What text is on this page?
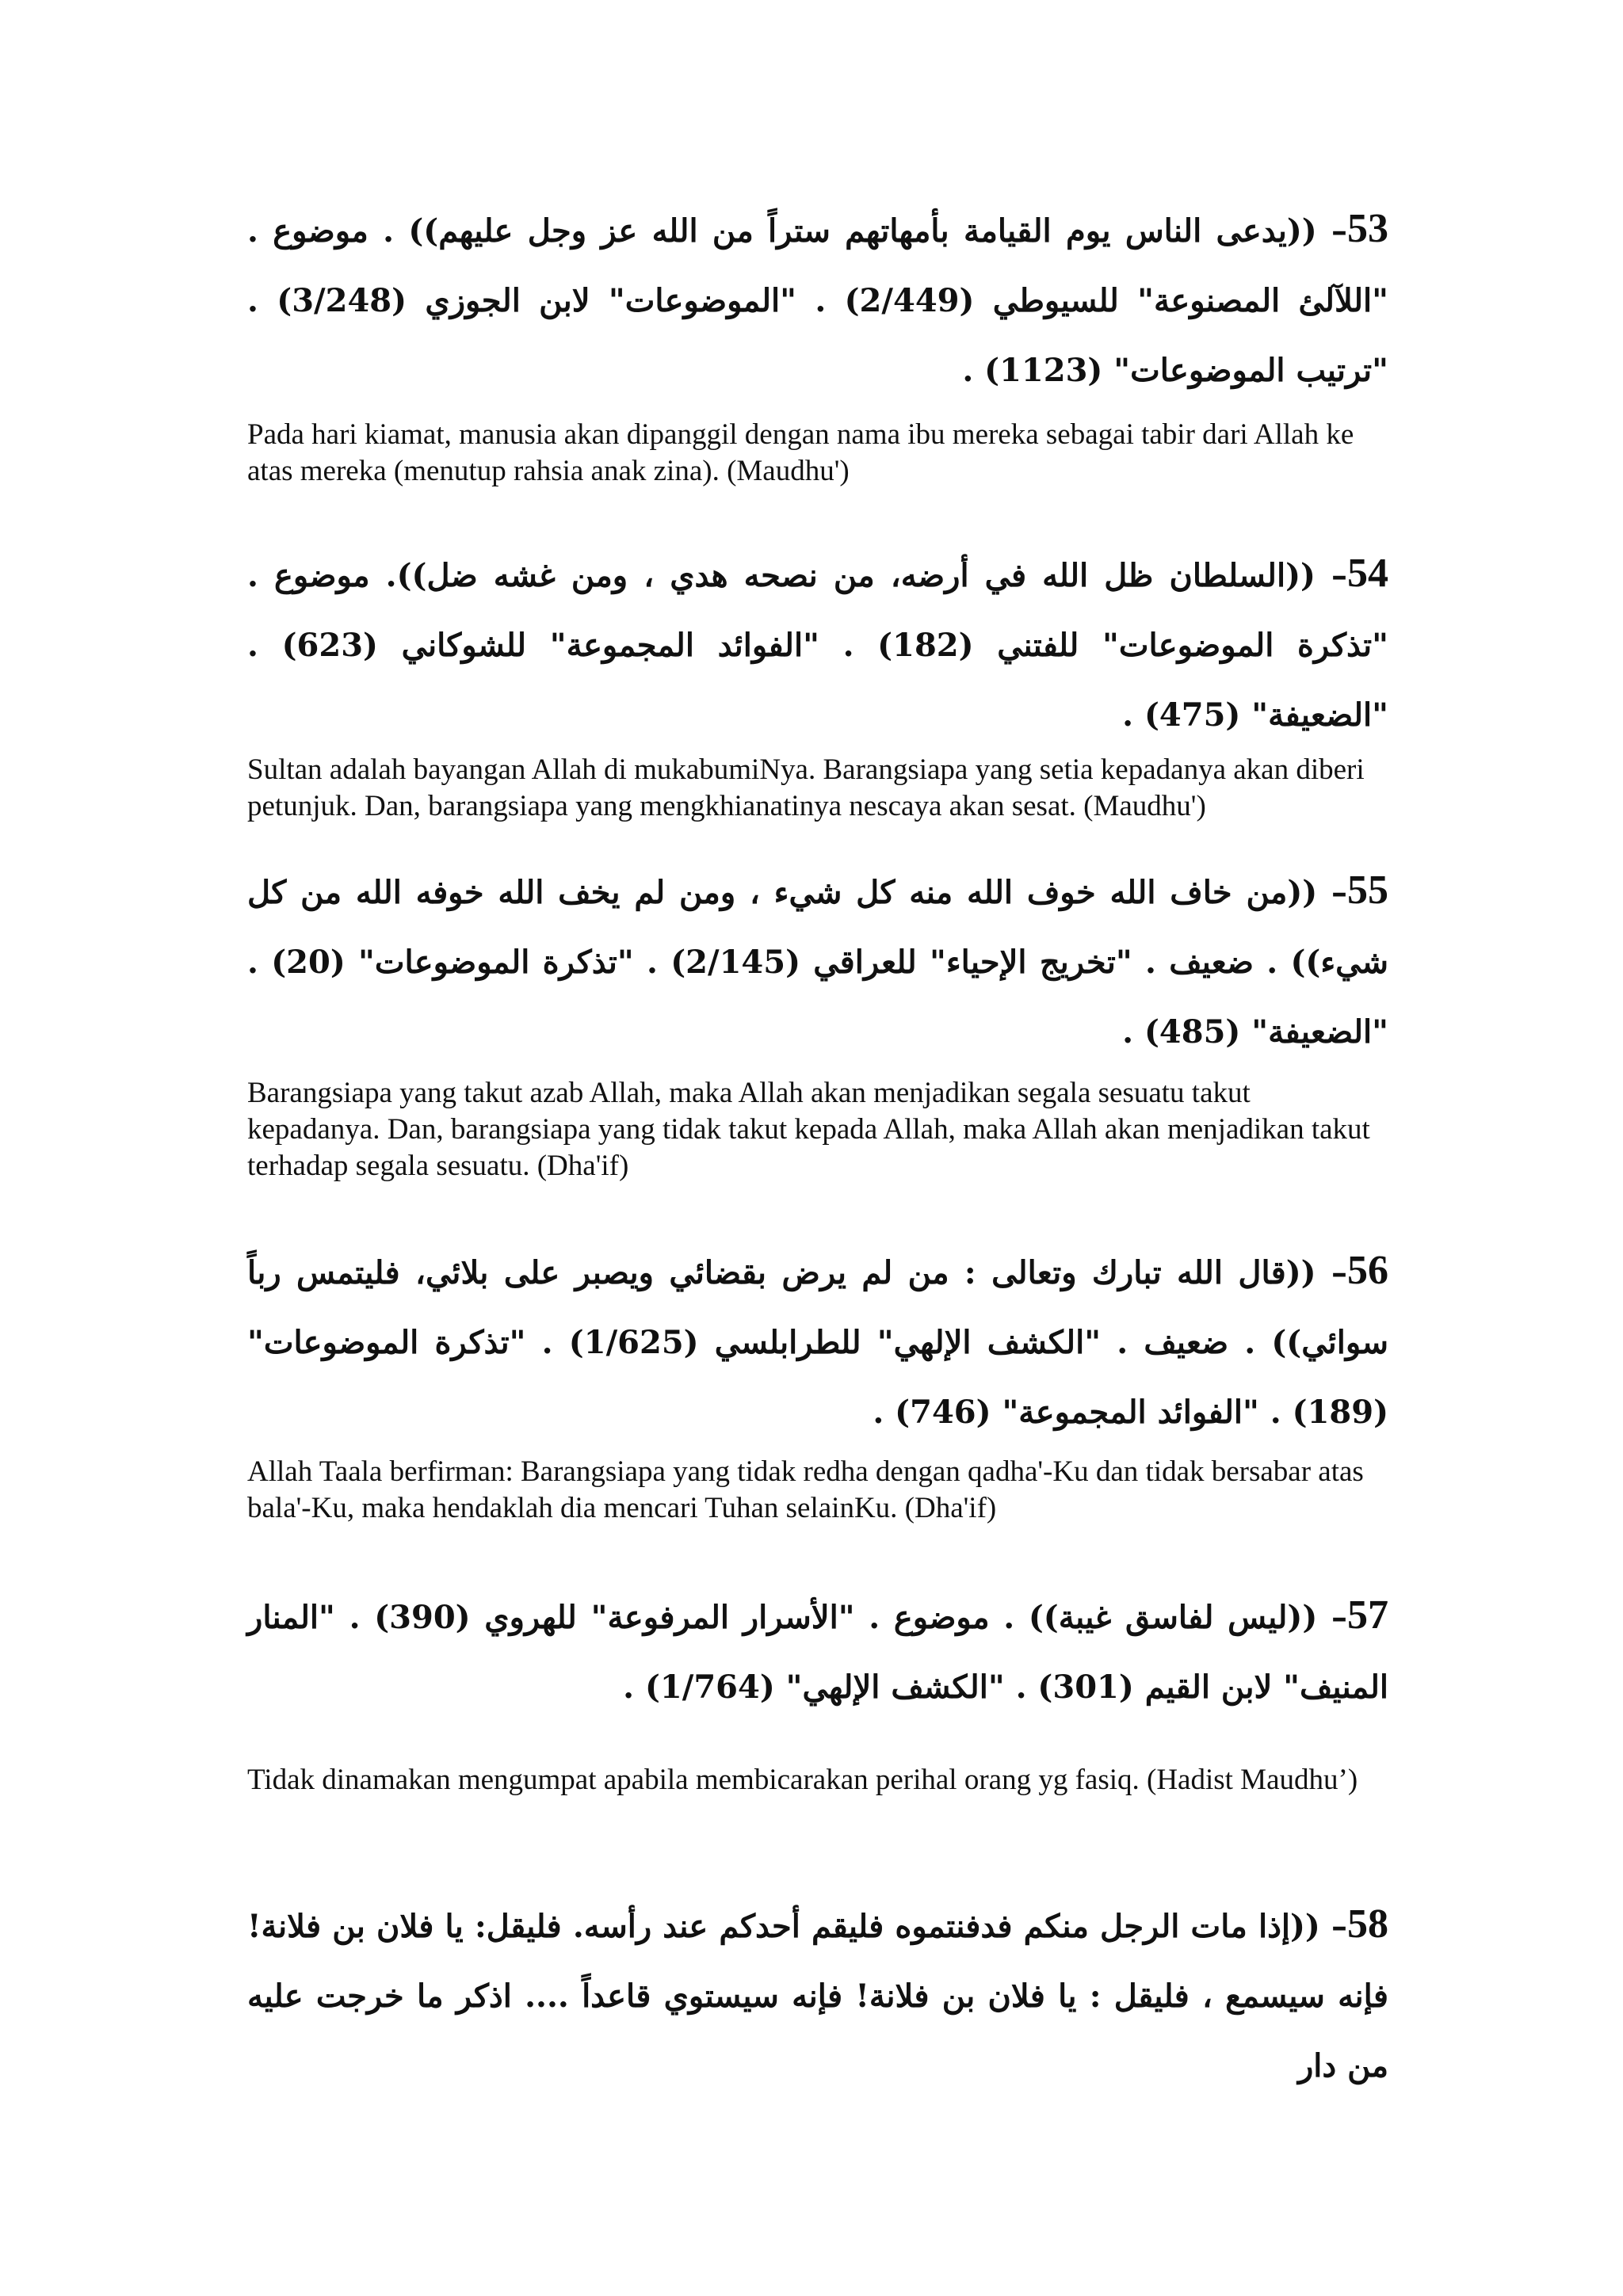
53– ((يدعى الناس يوم القيامة بأمهاتهم ستراً من الله عز وجل عليهم)) . موضوع . "اللآلئ المصنوعة" للسيوطي (2/449) . "الموضوعات" لابن الجوزي (3/248) . "ترتيب الموضوعات" (1123) .

Pada hari kiamat, manusia akan dipanggil dengan nama ibu mereka sebagai tabir dari Allah ke atas mereka (menutup rahsia anak zina). (Maudhu')

54– ((السلطان ظل الله في أرضه، من نصحه هدي ، ومن غشه ضل)). موضوع . "تذكرة الموضوعات" للفتني (182) . "الفوائد المجموعة" للشوكاني (623) . "الضعيفة" (475) .

Sultan adalah bayangan Allah di mukabumiNya. Barangsiapa yang setia kepadanya akan diberi petunjuk. Dan, barangsiapa yang mengkhianatinya nescaya akan sesat. (Maudhu')

55– ((من خاف الله خوف الله منه كل شيء ، ومن لم يخف الله خوفه الله من كل شيء)) . ضعيف . "تخريج الإحياء" للعراقي (2/145) . "تذكرة الموضوعات" (20) . "الضعيفة" (485) .

Barangsiapa yang takut azab Allah, maka Allah akan menjadikan segala sesuatu takut kepadanya. Dan, barangsiapa yang tidak takut kepada Allah, maka Allah akan menjadikan takut terhadap segala sesuatu. (Dha'if)

56– ((قال الله تبارك وتعالى : من لم يرض بقضائي ويصبر على بلائي، فليتمس رباً سوائي)) . ضعيف . "الكشف الإلهي" للطرابلسي (1/625) . "تذكرة الموضوعات" (189) . "الفوائد المجموعة" (746) .

Allah Taala berfirman: Barangsiapa yang tidak redha dengan qadha'-Ku dan tidak bersabar atas bala'-Ku, maka hendaklah dia mencari Tuhan selainKu. (Dha'if)

57– ((ليس لفاسق غيبة)) . موضوع . "الأسرار المرفوعة" للهروي (390) . "المنار المنيف" لابن القيم (301) . "الكشف الإلهي" (1/764) .

Tidak dinamakan mengumpat apabila membicarakan perihal orang yg fasiq. (Hadist Maudhu’)

58– ((إذا مات الرجل منكم فدفنتموه فليقم أحدكم عند رأسه. فليقل: يا فلان بن فلانة! فإنه سيسمع ، فليقل : يا فلان بن فلانة! فإنه سيستوي قاعداً .... اذكر ما خرجت عليه من دار
